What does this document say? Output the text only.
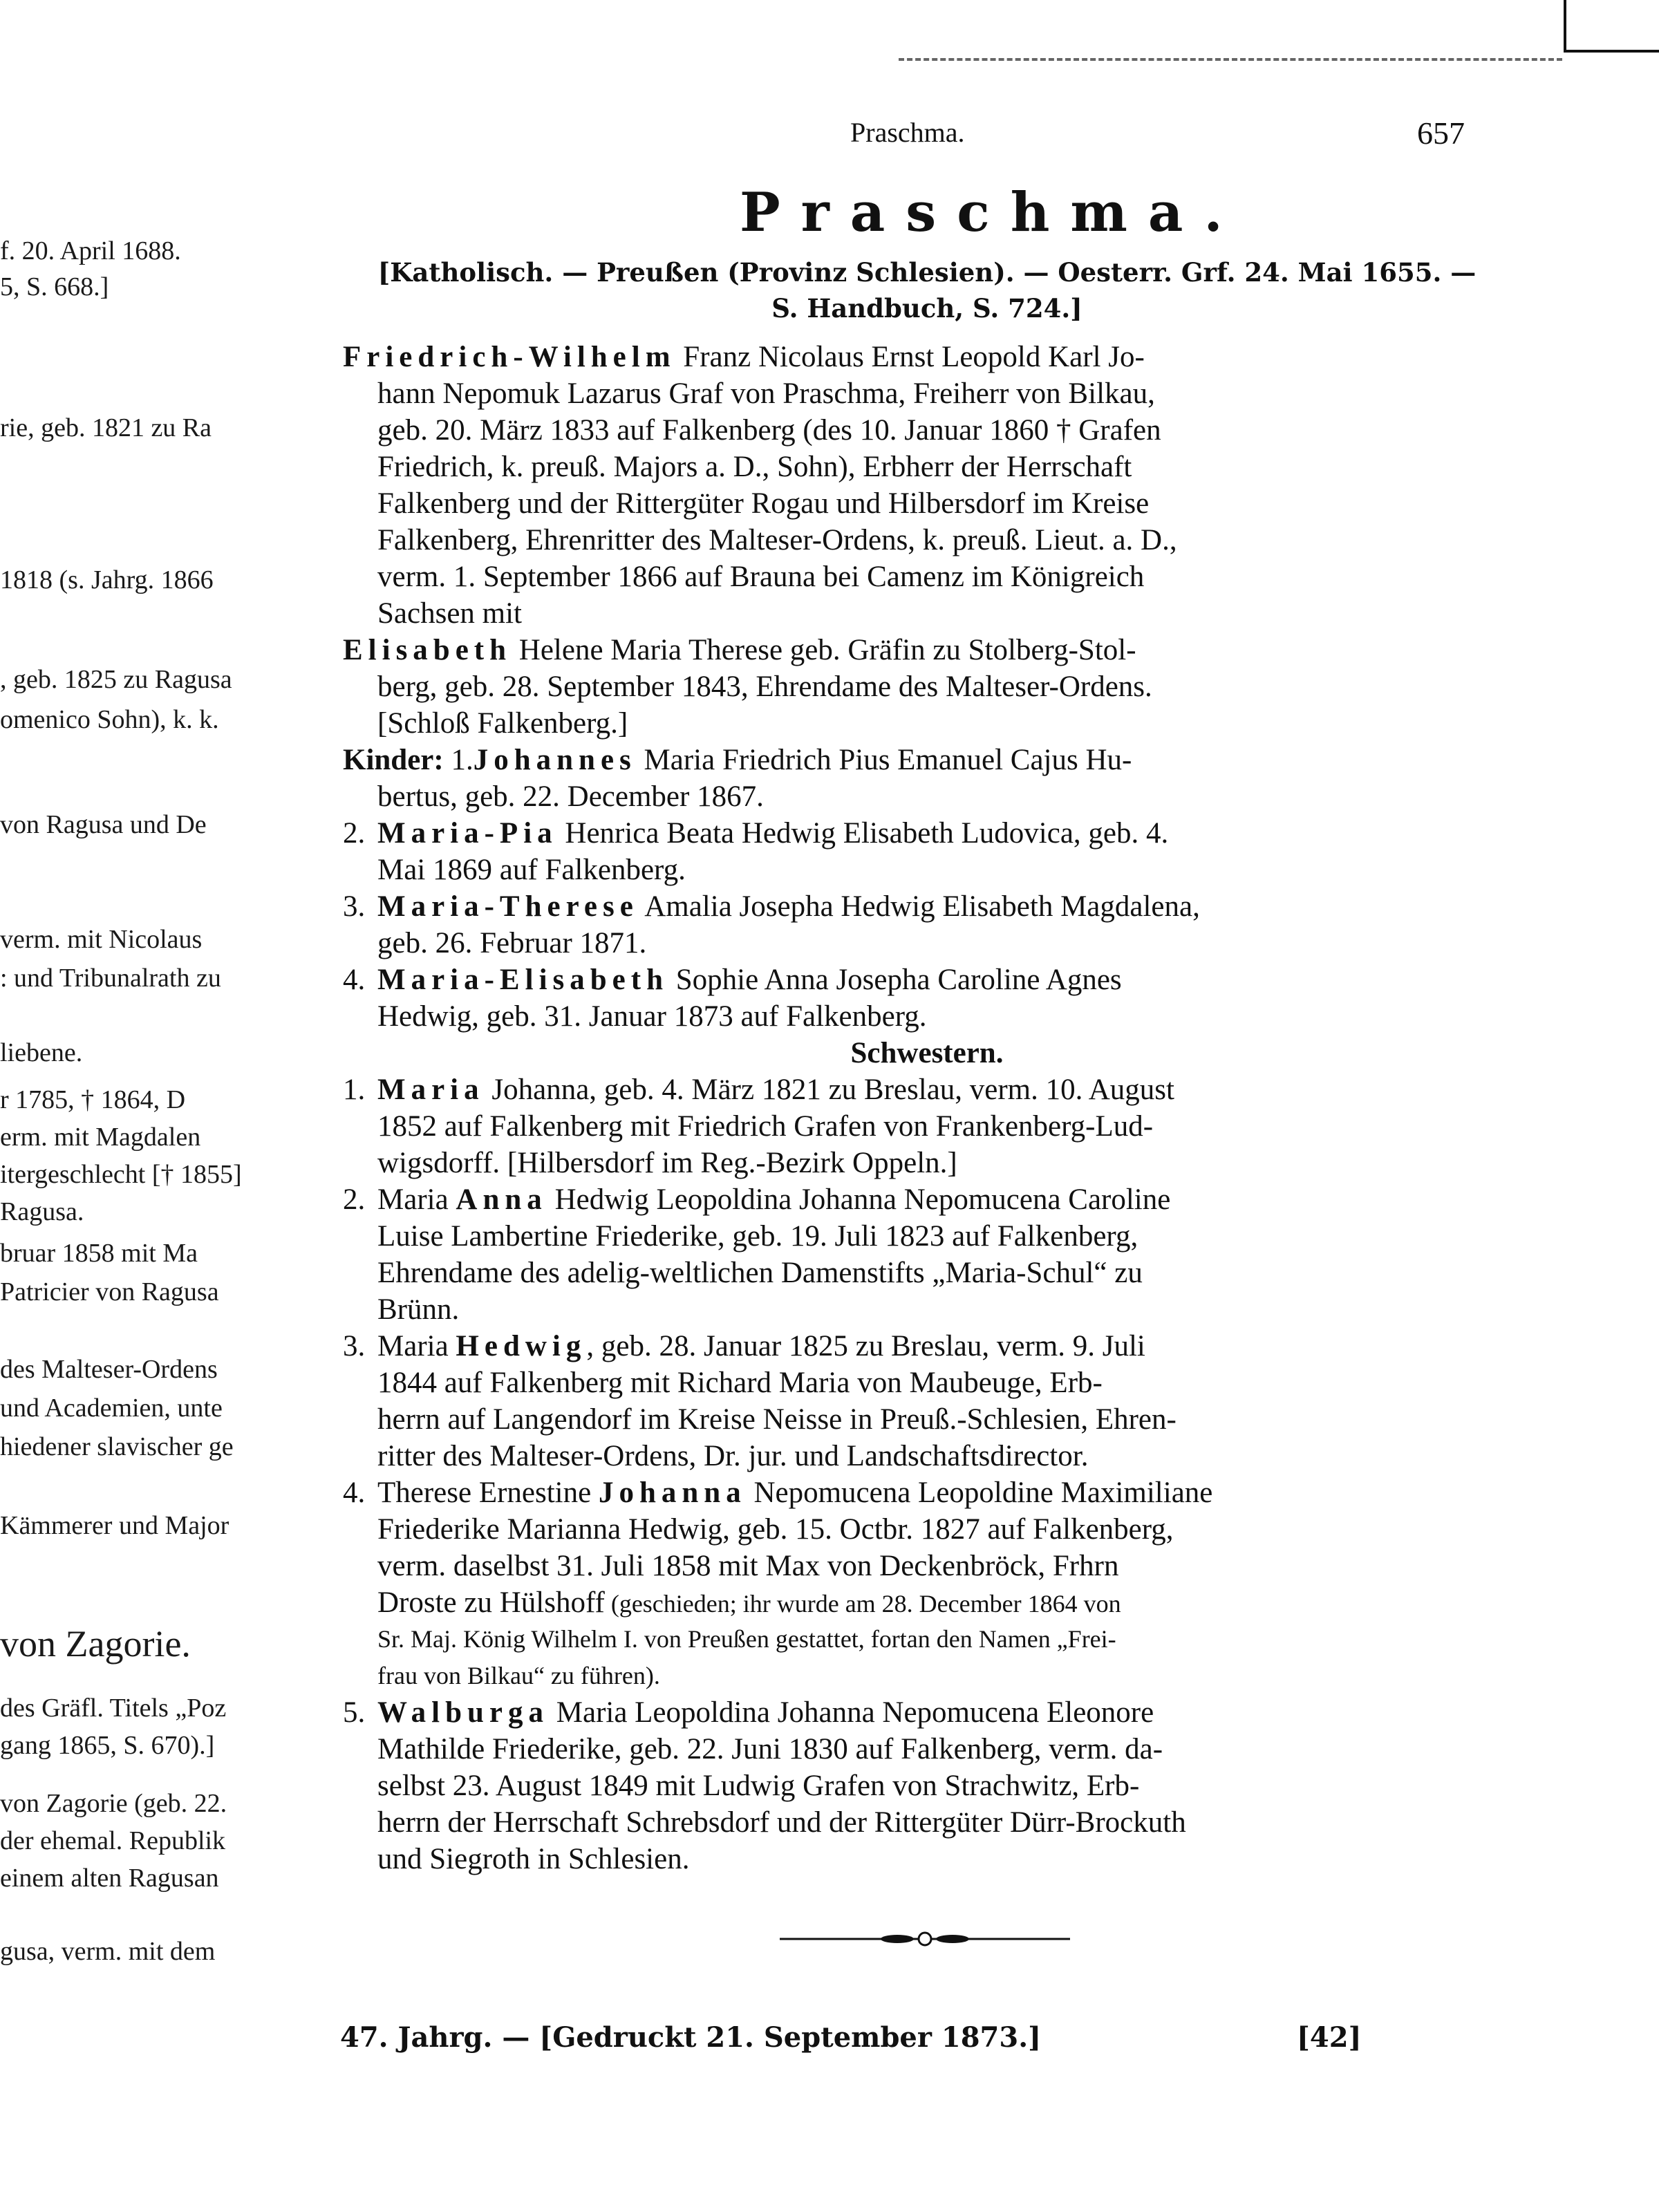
f. 20. April 1688.
5, S. 668.]
rie, geb. 1821 zu Ra
1818 (s. Jahrg. 1866
, geb. 1825 zu Ragusa
omenico Sohn), k. k.
von Ragusa und De
verm. mit Nicolaus
: und Tribunalrath zu
liebene.
r 1785, † 1864, D
erm. mit Magdalen
itergeschlecht [† 1855]
Ragusa.
bruar 1858 mit Ma
Patricier von Ragusa
des Malteser-Ordens
und Academien, unte
hiedener slavischer ge
Kämmerer und Major
von Zagorie.
des Gräfl. Titels „Poz
gang 1865, S. 670).]
von Zagorie (geb. 22.
der ehemal. Republik
einem alten Ragusan
gusa, verm. mit dem
Praschma.	657
Praschma.
[Katholisch. — Preußen (Provinz Schlesien). — Oesterr. Grf. 24. Mai 1655. —
S. Handbuch, S. 724.]
Friedrich-Wilhelm Franz Nicolaus Ernst Leopold Karl Jo-
hann Nepomuk Lazarus Graf von Praschma, Freiherr von Bilkau,
geb. 20. März 1833 auf Falkenberg (des 10. Januar 1860 † Grafen
Friedrich, k. preuß. Majors a. D., Sohn), Erbherr der Herrschaft
Falkenberg und der Rittergüter Rogau und Hilbersdorf im Kreise
Falkenberg, Ehrenritter des Malteser-Ordens, k. preuß. Lieut. a. D.,
verm. 1. September 1866 auf Brauna bei Camenz im Königreich
Sachsen mit
Elisabeth Helene Maria Therese geb. Gräfin zu Stolberg-Stol-
berg, geb. 28. September 1843, Ehrendame des Malteser-Ordens.
[Schloß Falkenberg.]
Kinder: 1.Johannes Maria Friedrich Pius Emanuel Cajus Hu-
bertus, geb. 22. December 1867.
2. Maria-Pia Henrica Beata Hedwig Elisabeth Ludovica, geb. 4.
Mai 1869 auf Falkenberg.
3. Maria-Therese Amalia Josepha Hedwig Elisabeth Magdalena,
geb. 26. Februar 1871.
4. Maria-Elisabeth Sophie Anna Josepha Caroline Agnes
Hedwig, geb. 31. Januar 1873 auf Falkenberg.
Schwestern.
1. Maria Johanna, geb. 4. März 1821 zu Breslau, verm. 10. August
1852 auf Falkenberg mit Friedrich Grafen von Frankenberg-Lud-
wigsdorff. [Hilbersdorf im Reg.-Bezirk Oppeln.]
2. Maria Anna Hedwig Leopoldina Johanna Nepomucena Caroline
Luise Lambertine Friederike, geb. 19. Juli 1823 auf Falkenberg,
Ehrendame des adelig-weltlichen Damenstifts „Maria-Schul“ zu
Brünn.
3. Maria Hedwig, geb. 28. Januar 1825 zu Breslau, verm. 9. Juli
1844 auf Falkenberg mit Richard Maria von Maubeuge, Erb-
herrn auf Langendorf im Kreise Neisse in Preuß.-Schlesien, Ehren-
ritter des Malteser-Ordens, Dr. jur. und Landschaftsdirector.
4. Therese Ernestine Johanna Nepomucena Leopoldine Maximiliane
Friederike Marianna Hedwig, geb. 15. Octbr. 1827 auf Falkenberg,
verm. daselbst 31. Juli 1858 mit Max von Deckenbröck, Frhrn
Droste zu Hülshoff (geschieden; ihr wurde am 28. December 1864 von
Sr. Maj. König Wilhelm I. von Preußen gestattet, fortan den Namen „Frei-
frau von Bilkau“ zu führen).
5. Walburga Maria Leopoldina Johanna Nepomucena Eleonore
Mathilde Friederike, geb. 22. Juni 1830 auf Falkenberg, verm. da-
selbst 23. August 1849 mit Ludwig Grafen von Strachwitz, Erb-
herrn der Herrschaft Schrebsdorf und der Rittergüter Dürr-Brockuth
und Siegroth in Schlesien.
47. Jahrg. — [Gedruckt 21. September 1873.]	[42]
